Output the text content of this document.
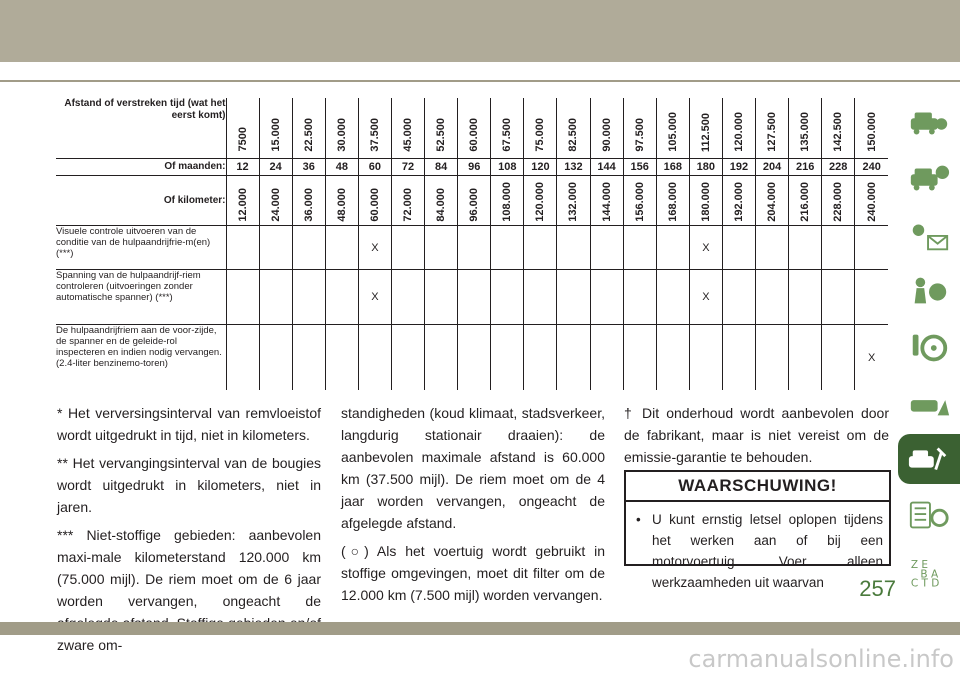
Afstand of verstreken tijd (wat het eerst komt)	7500	15.000	22.500	30.000	37.500	45.000	52.500	60.000	67.500	75.000	82.500	90.000	97.500	105.000	112.500	120.000	127.500	135.000	142.500	150.000

Of maanden:	12	24	36	48	60	72	84	96	108	120	132	144	156	168	180	192	204	216	228	240
Of kilometer:	12.000	24.000	36.000	48.000	60.000	72.000	84.000	96.000	108.000	120.000	132.000	144.000	156.000	168.000	180.000	192.000	204.000	216.000	228.000	240.000

Visuele controle uitvoeren van de conditie van de hulpaandrijfrie-m(en) (***)					X										X					
Spanning van de hulpaandrijf-riem controleren (uitvoeringen zonder automatische spanner) (***)					X										X					
De hulpaandrijfriem aan de voor-zijde, de spanner en de geleide-rol inspecteren en indien nodig vervangen. (2.4-liter benzinemo-toren)																				X

* Het verversingsinterval van remvloeistof wordt uitgedrukt in tijd, niet in kilometers.

** Het vervangingsinterval van de bougies wordt uitgedrukt in kilometers, niet in jaren.

*** Niet-stoffige gebieden: aanbevolen maxi-male kilometerstand 120.000 km (75.000 mijl). De riem moet om de 6 jaar worden vervangen, ongeacht de zware om-

standigheden (koud klimaat, stadsverkeer, langdurig stationair draaien): de aanbevolen maximale afstand is 60.000 km (37.500 mijl). De riem moet om de 4 jaar worden vervangen, ongeacht de afgelegde afstand.

(○) Als het voertuig wordt gebruikt in stoffige omgevingen, moet dit filter om de 12.000 km (7.500 mijl) worden vervangen.

† Dit onderhoud wordt aanbevolen door de fabrikant, maar is niet vereist om de emissie-garantie te behouden.

WAARSCHUWING!
• U kunt ernstig letsel oplopen tijdens het werken aan of bij een motorvoertuig. Voer alleen werkzaamheden uit waarvan
Z E
B A
C T D
257
carmanualsonline.info
